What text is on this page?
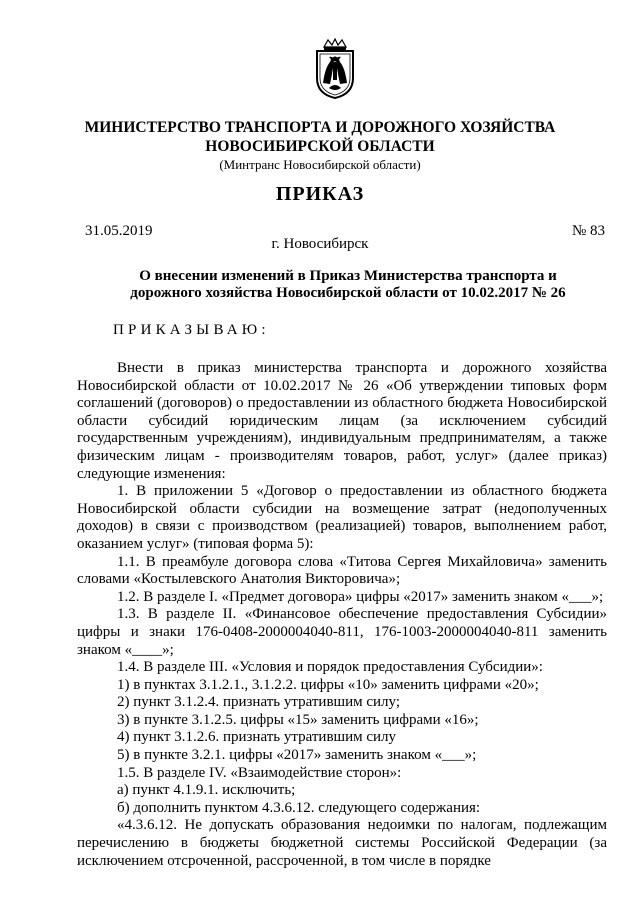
МИНИСТЕРСТВО ТРАНСПОРТА И ДОРОЖНОГО ХОЗЯЙСТВА
НОВОСИБИРСКОЙ ОБЛАСТИ
(Минтранс Новосибирской области)
ПРИКАЗ
31.05.2019	№ 83
г. Новосибирск
О внесении изменений в Приказ Министерства транспорта и дорожного хозяйства Новосибирской области от 10.02.2017 № 26
ПРИКАЗЫВАЮ:

Внести в приказ министерства транспорта и дорожного хозяйства Новосибирской области от 10.02.2017 № 26 «Об утверждении типовых форм соглашений (договоров) о предоставлении из областного бюджета Новосибирской области субсидий юридическим лицам (за исключением субсидий государственным учреждениям), индивидуальным предпринимателям, а также физическим лицам - производителям товаров, работ, услуг» (далее приказ) следующие изменения:

1. В приложении 5 «Договор о предоставлении из областного бюджета Новосибирской области субсидии на возмещение затрат (недополученных доходов) в связи с производством (реализацией) товаров, выполнением работ, оказанием услуг» (типовая форма 5):

1.1. В преамбуле договора слова «Титова Сергея Михайловича» заменить словами «Костылевского Анатолия Викторовича»;

1.2. В разделе I. «Предмет договора» цифры «2017» заменить знаком «___»;

1.3. В разделе II. «Финансовое обеспечение предоставления Субсидии» цифры и знаки 176-0408-2000004040-811, 176-1003-2000004040-811 заменить знаком «____»;

1.4. В разделе III. «Условия и порядок предоставления Субсидии»:

1) в пунктах 3.1.2.1., 3.1.2.2. цифры «10» заменить цифрами «20»;

2) пункт 3.1.2.4. признать утратившим силу;

3) в пункте 3.1.2.5. цифры «15» заменить цифрами «16»;

4) пункт 3.1.2.6. признать утратившим силу

5) в пункте 3.2.1. цифры «2017» заменить знаком «___»;

1.5. В разделе IV. «Взаимодействие сторон»:

а) пункт 4.1.9.1. исключить;

б) дополнить пунктом 4.3.6.12. следующего содержания:

«4.3.6.12. Не допускать образования недоимки по налогам, подлежащим перечислению в бюджеты бюджетной системы Российской Федерации (за исключением отсроченной, рассроченной, в том числе в порядке
